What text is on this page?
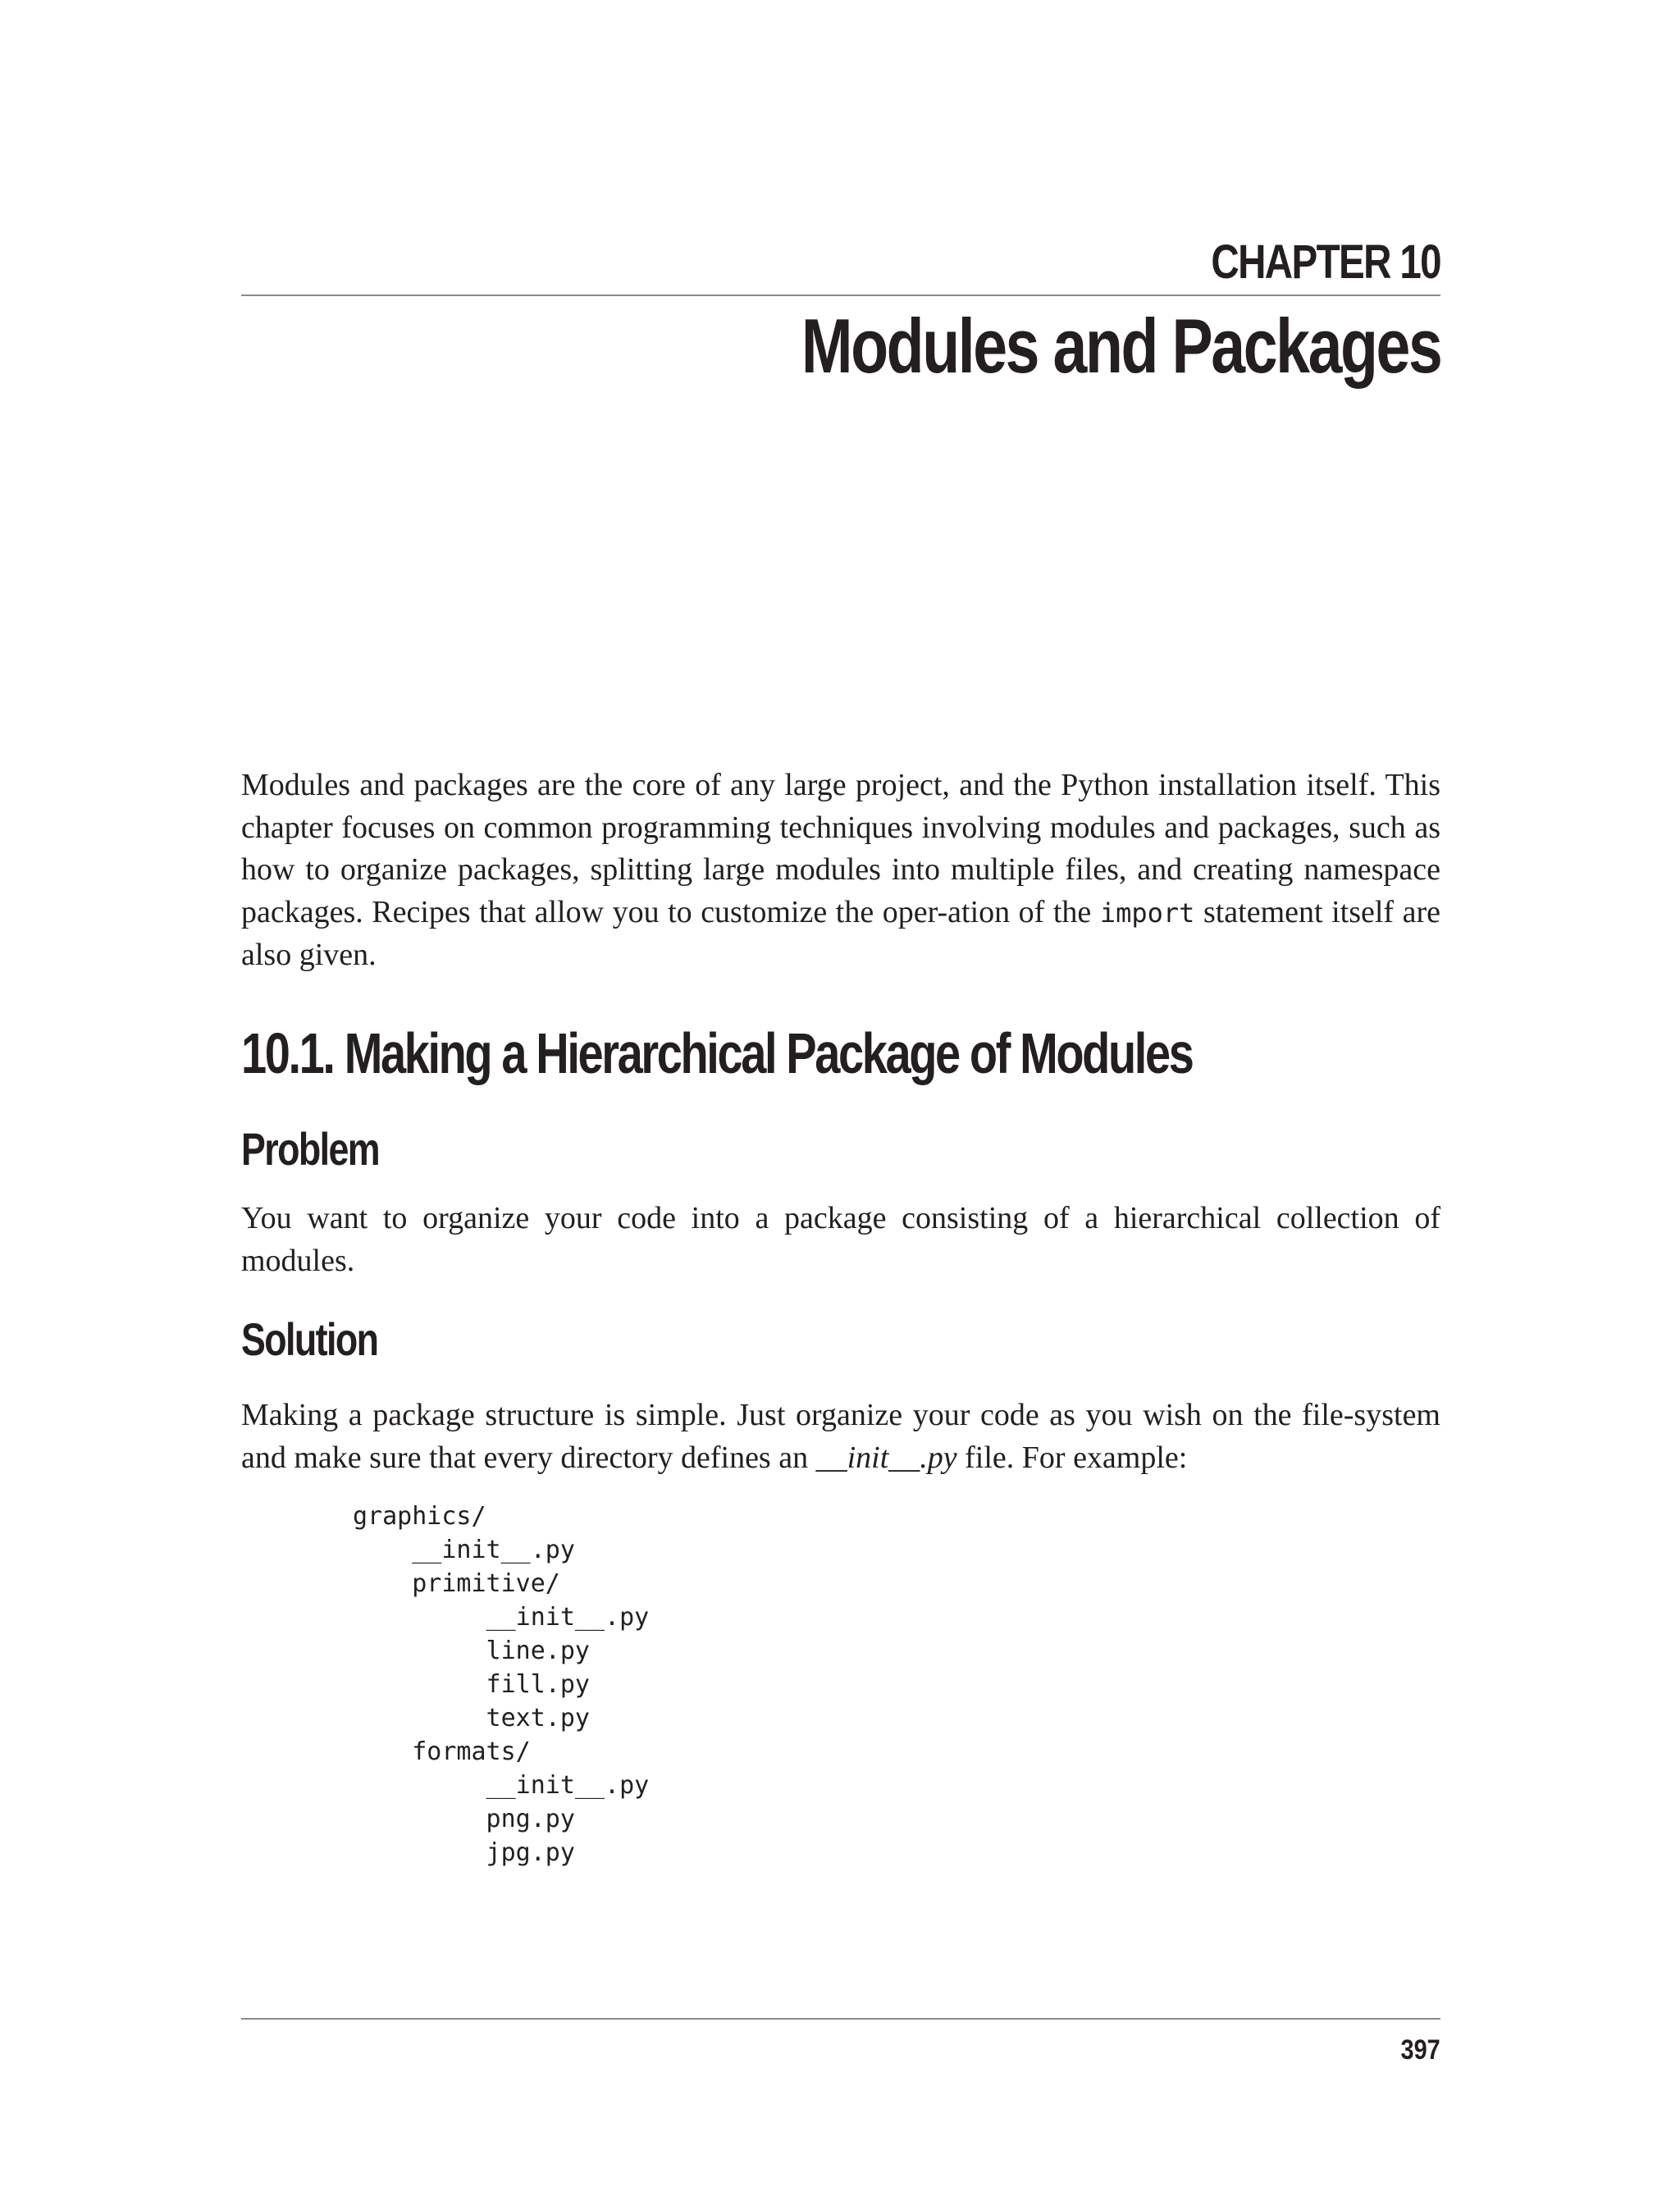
CHAPTER 10
Modules and Packages

Modules and packages are the core of any large project, and the Python installation itself. This chapter focuses on common programming techniques involving modules and packages, such as how to organize packages, splitting large modules into multiple files, and creating namespace packages. Recipes that allow you to customize the oper-ation of the import statement itself are also given.

10.1. Making a Hierarchical Package of Modules
Problem

You want to organize your code into a package consisting of a hierarchical collection of modules.

Solution

Making a package structure is simple. Just organize your code as you wish on the file-system and make sure that every directory defines an __init__.py file. For example:

graphics/
__init__.py
primitive/
__init__.py
line.py
fill.py
text.py
formats/
__init__.py
png.py
jpg.py
397
